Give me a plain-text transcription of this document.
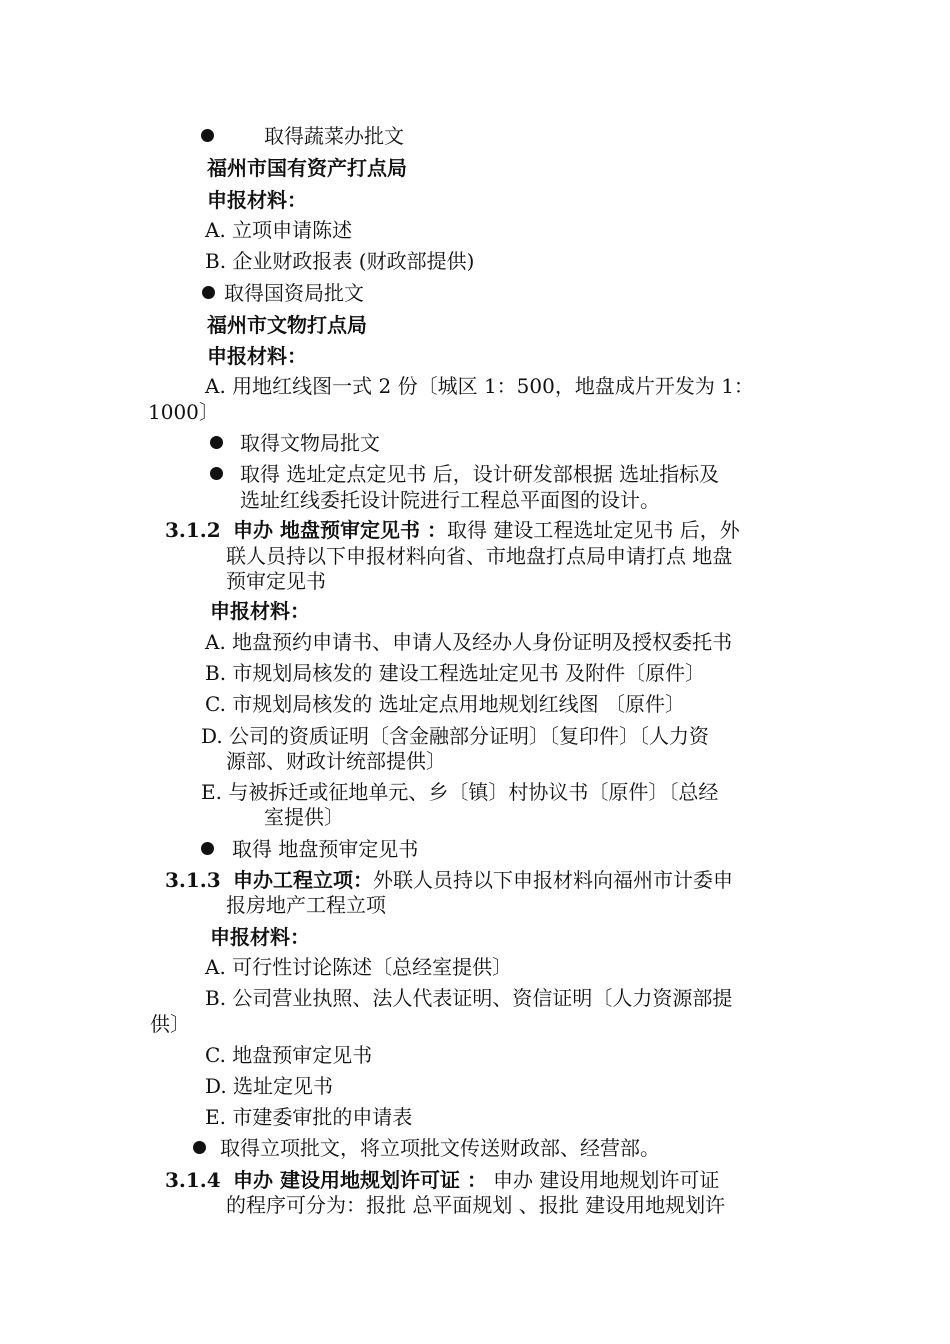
取得蔬菜办批文
福州市国有资产打点局
申报材料：
A. 立项申请陈述
B. 企业财政报表 (财政部提供)
取得国资局批文
福州市文物打点局
申报材料：
A. 用地红线图一式 2 份〔城区 1：500，地盘成片开发为 1：
1000〕
取得文物局批文
取得 选址定点定见书 后，设计研发部根据 选址指标及
选址红线委托设计院进行工程总平面图的设计。
3.1.2 申办 地盘预审定见书 ：取得 建设工程选址定见书 后，外
联人员持以下申报材料向省、市地盘打点局申请打点 地盘
预审定见书
申报材料：
A. 地盘预约申请书、申请人及经办人身份证明及授权委托书
B. 市规划局核发的 建设工程选址定见书 及附件〔原件〕
C. 市规划局核发的 选址定点用地规划红线图 〔原件〕
D. 公司的资质证明〔含金融部分证明〕〔复印件〕〔人力资
源部、财政计统部提供〕
E. 与被拆迁或征地单元、乡〔镇〕村协议书〔原件〕〔总经
室提供〕
取得 地盘预审定见书
3.1.3 申办工程立项：外联人员持以下申报材料向福州市计委申
报房地产工程立项
申报材料：
A. 可行性讨论陈述〔总经室提供〕
B. 公司营业执照、法人代表证明、资信证明〔人力资源部提
供〕
C. 地盘预审定见书
D. 选址定见书
E. 市建委审批的申请表
取得立项批文，将立项批文传送财政部、经营部。
3.1.4 申办 建设用地规划许可证 ： 申办 建设用地规划许可证
的程序可分为：报批 总平面规划 、报批 建设用地规划许
